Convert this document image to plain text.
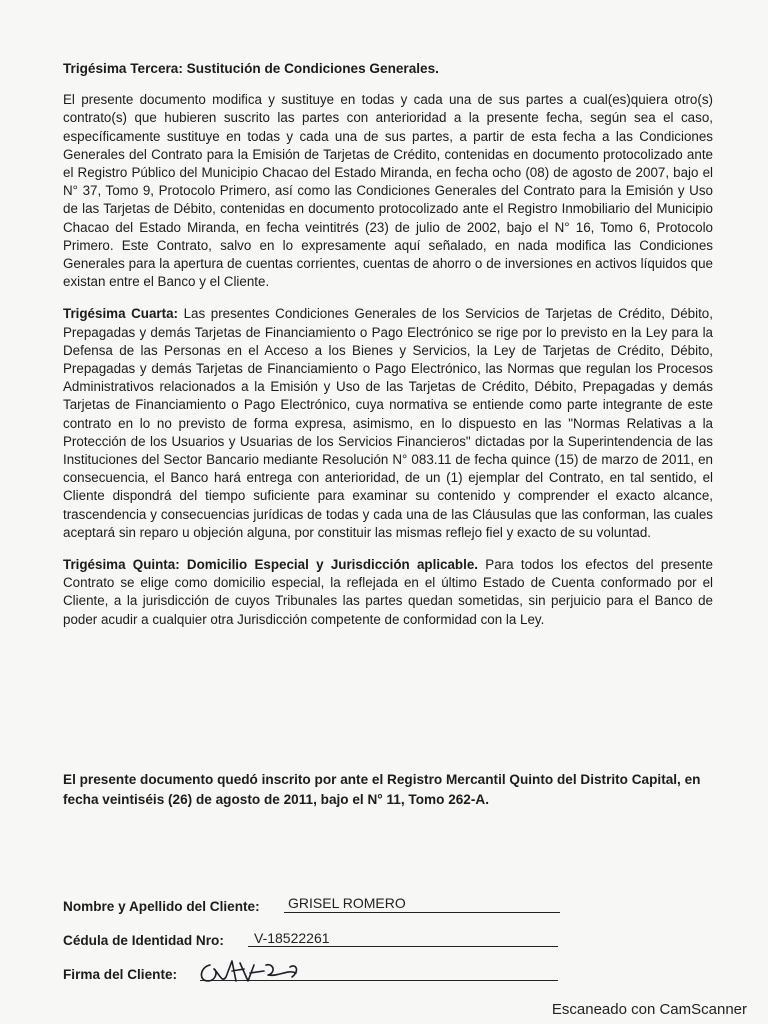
Trigésima Tercera: Sustitución de Condiciones Generales.

El presente documento modifica y sustituye en todas y cada una de sus partes a cual(es)quiera otro(s) contrato(s) que hubieren suscrito las partes con anterioridad a la presente fecha, según sea el caso, específicamente sustituye en todas y cada una de sus partes, a partir de esta fecha a las Condiciones Generales del Contrato para la Emisión de Tarjetas de Crédito, contenidas en documento protocolizado ante el Registro Público del Municipio Chacao del Estado Miranda, en fecha ocho (08) de agosto de 2007, bajo el N° 37, Tomo 9, Protocolo Primero, así como las Condiciones Generales del Contrato para la Emisión y Uso de las Tarjetas de Débito, contenidas en documento protocolizado ante el Registro Inmobiliario del Municipio Chacao del Estado Miranda, en fecha veintitrés (23) de julio de 2002, bajo el N° 16, Tomo 6, Protocolo Primero. Este Contrato, salvo en lo expresamente aquí señalado, en nada modifica las Condiciones Generales para la apertura de cuentas corrientes, cuentas de ahorro o de inversiones en activos líquidos que existan entre el Banco y el Cliente.

Trigésima Cuarta: Las presentes Condiciones Generales de los Servicios de Tarjetas de Crédito, Débito, Prepagadas y demás Tarjetas de Financiamiento o Pago Electrónico se rige por lo previsto en la Ley para la Defensa de las Personas en el Acceso a los Bienes y Servicios, la Ley de Tarjetas de Crédito, Débito, Prepagadas y demás Tarjetas de Financiamiento o Pago Electrónico, las Normas que regulan los Procesos Administrativos relacionados a la Emisión y Uso de las Tarjetas de Crédito, Débito, Prepagadas y demás Tarjetas de Financiamiento o Pago Electrónico, cuya normativa se entiende como parte integrante de este contrato en lo no previsto de forma expresa, asimismo, en lo dispuesto en las "Normas Relativas a la Protección de los Usuarios y Usuarias de los Servicios Financieros" dictadas por la Superintendencia de las Instituciones del Sector Bancario mediante Resolución N° 083.11 de fecha quince (15) de marzo de 2011, en consecuencia, el Banco hará entrega con anterioridad, de un (1) ejemplar del Contrato, en tal sentido, el Cliente dispondrá del tiempo suficiente para examinar su contenido y comprender el exacto alcance, trascendencia y consecuencias jurídicas de todas y cada una de las Cláusulas que las conforman, las cuales aceptará sin reparo u objeción alguna, por constituir las mismas reflejo fiel y exacto de su voluntad.

Trigésima Quinta: Domicilio Especial y Jurisdicción aplicable. Para todos los efectos del presente Contrato se elige como domicilio especial, la reflejada en el último Estado de Cuenta conformado por el Cliente, a la jurisdicción de cuyos Tribunales las partes quedan sometidas, sin perjuicio para el Banco de poder acudir a cualquier otra Jurisdicción competente de conformidad con la Ley.

El presente documento quedó inscrito por ante el Registro Mercantil Quinto del Distrito Capital, en fecha veintiséis (26) de agosto de 2011, bajo el N° 11, Tomo 262-A.

Nombre y Apellido del Cliente: GRISEL ROMERO
Cédula de Identidad Nro: V-18522261
Firma del Cliente:
Escaneado con CamScanner
